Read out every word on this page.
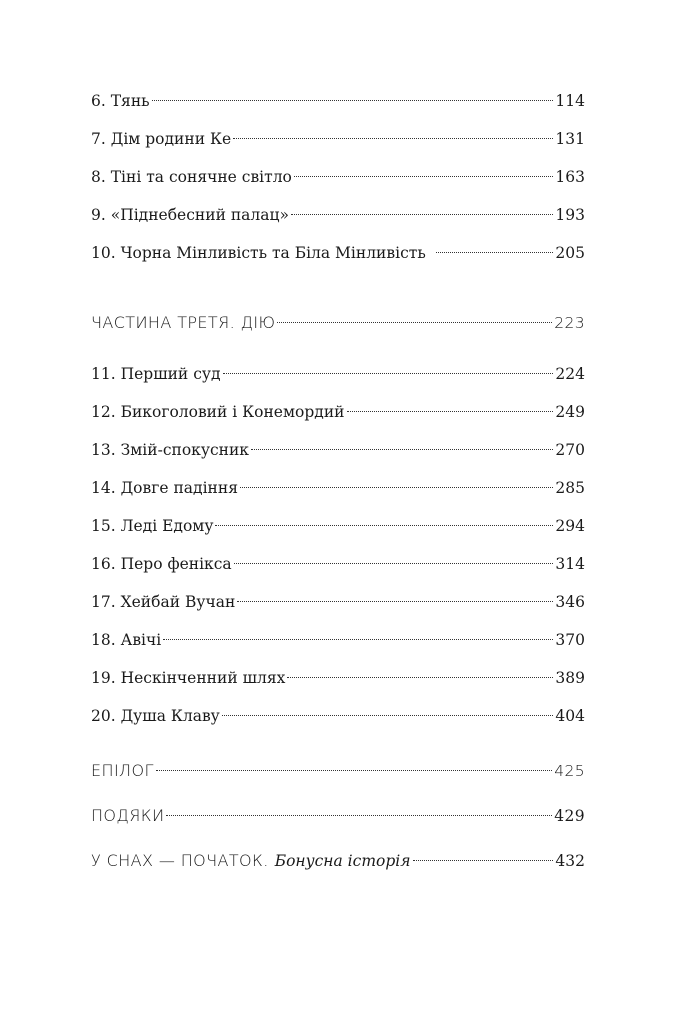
6. Тянь	114
7. Дім родини Ке	131
8. Тіні та сонячне світло	163
9. «Піднебесний палац»	193
10. Чорна Мінливість та Біла Мінливість	205
ЧАСТИНА ТРЕТЯ. ДІЮ	223
11. Перший суд	224
12. Бикоголовий і Конемордий	249
13. Змій-спокусник	270
14. Довге падіння	285
15. Леді Едому	294
16. Перо фенікса	314
17. Хейбай Вучан	346
18. Авічі	370
19. Нескінченний шлях	389
20. Душа Клаву	404
ЕПІЛОГ	425
ПОДЯКИ	429
У СНАХ — ПОЧАТОК. Бонусна історія	432
